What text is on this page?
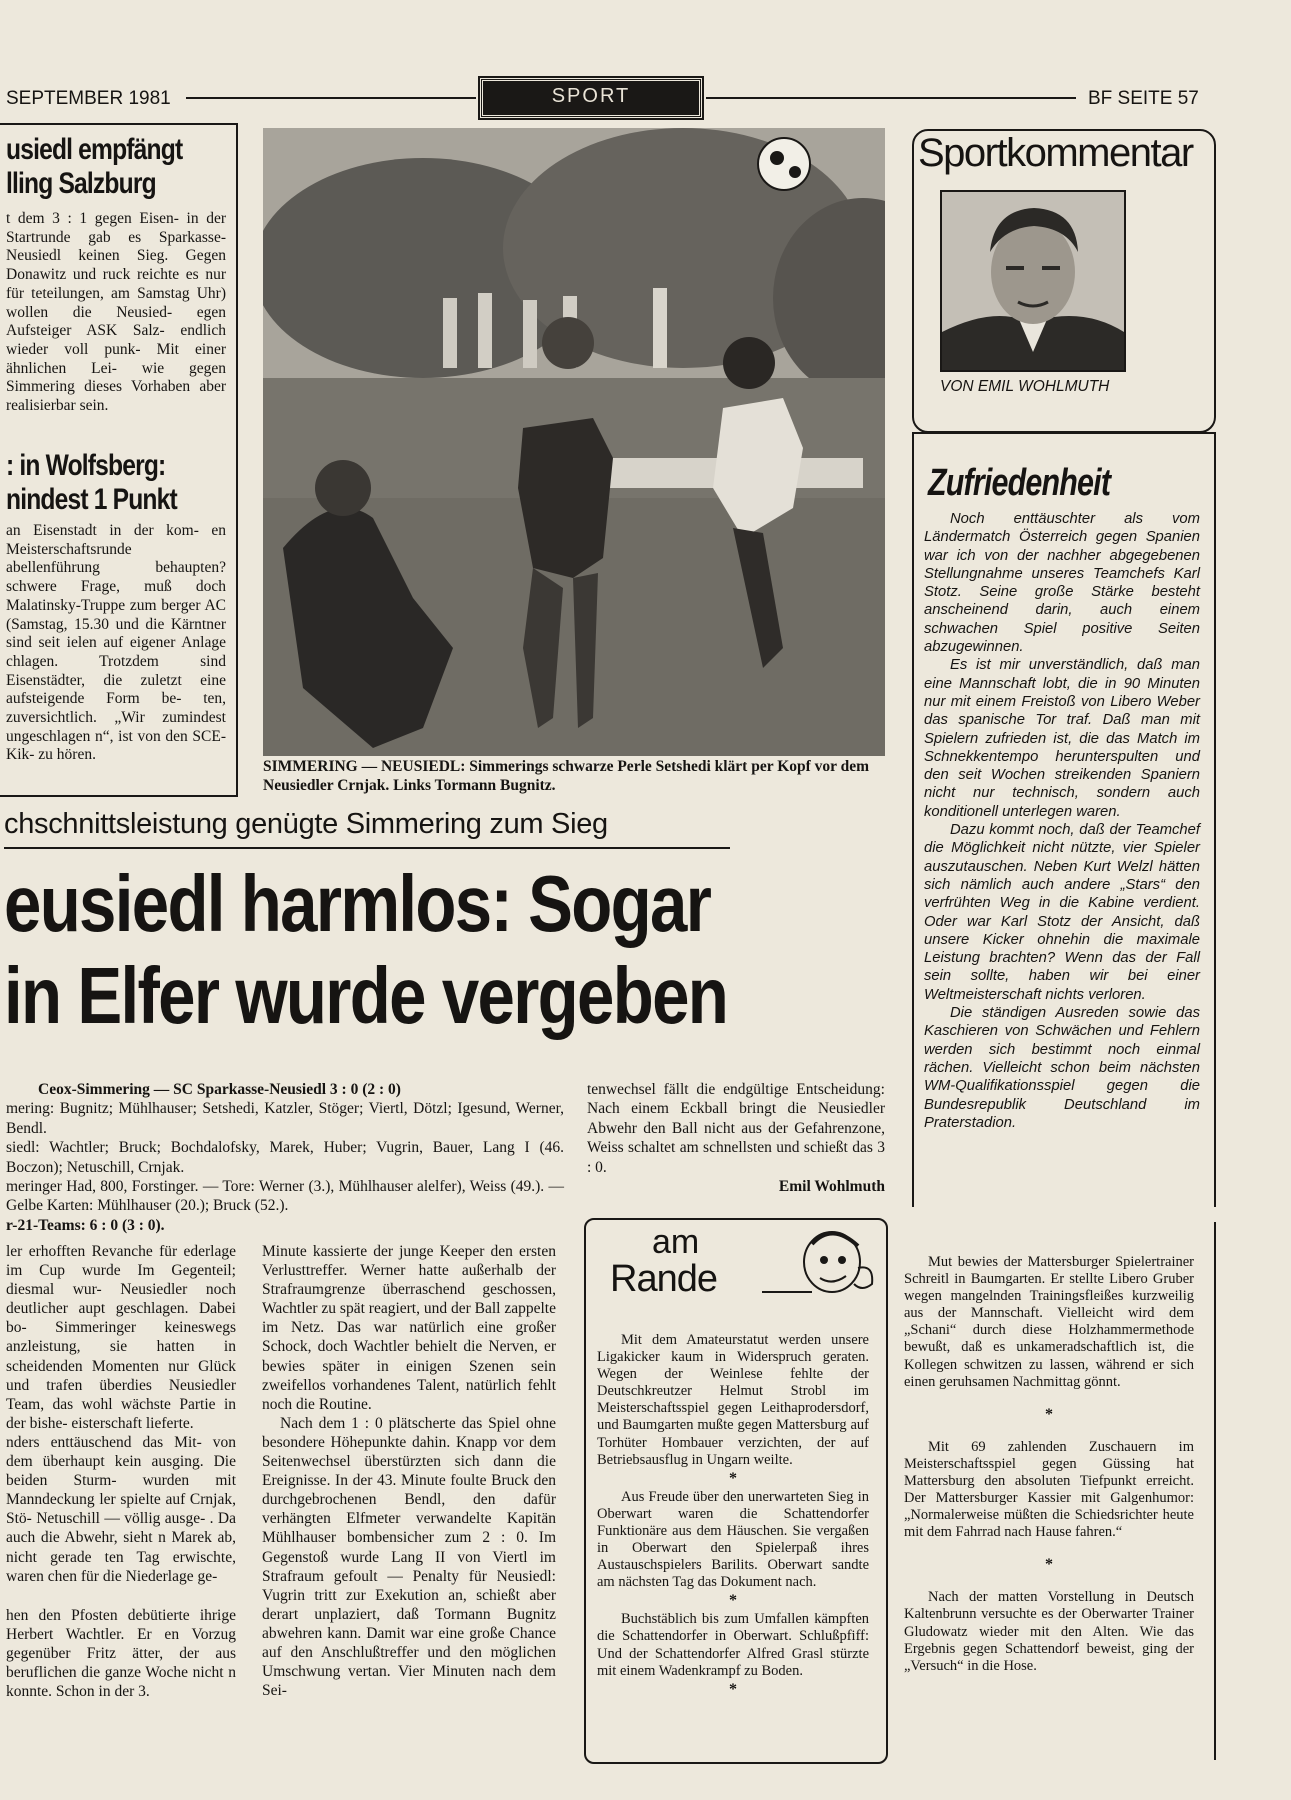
SEPTEMBER 1981	SPORT	BF SEITE 57
usiedl empfängt
lling Salzburg

t dem 3 : 1 gegen Eisen- in der Startrunde gab es Sparkasse-Neusiedl keinen Sieg. Gegen Donawitz und ruck reichte es nur für teteilungen, am Samstag Uhr) wollen die Neusied- egen Aufsteiger ASK Salz- endlich wieder voll punk- Mit einer ähnlichen Lei- wie gegen Simmering dieses Vorhaben aber realisierbar sein.

: in Wolfsberg:
nindest 1 Punkt

an Eisenstadt in der kom- en Meisterschaftsrunde abellenführung behaupten? schwere Frage, muß doch Malatinsky-Truppe zum berger AC (Samstag, 15.30 und die Kärntner sind seit ielen auf eigener Anlage chlagen. Trotzdem sind Eisenstädter, die zuletzt eine aufsteigende Form be- ten, zuversichtlich. „Wir zumindest ungeschlagen n“, ist von den SCE-Kik- zu hören.

SIMMERING — NEUSIEDL: Simmerings schwarze Perle Setshedi klärt per Kopf vor dem Neusiedler Crnjak. Links Tormann Bugnitz.
Sportkommentar
VON EMIL WOHLMUTH
Zufriedenheit

Noch enttäuschter als vom Ländermatch Österreich gegen Spanien war ich von der nachher abgegebenen Stellungnahme unseres Teamchefs Karl Stotz. Seine große Stärke besteht anscheinend darin, auch einem schwachen Spiel positive Seiten abzugewinnen.

Es ist mir unverständlich, daß man eine Mannschaft lobt, die in 90 Minuten nur mit einem Freistoß von Libero Weber das spanische Tor traf. Daß man mit Spielern zufrieden ist, die das Match im Schnekkentempo herunterspulten und den seit Wochen streikenden Spaniern nicht nur technisch, sondern auch konditionell unterlegen waren.

Dazu kommt noch, daß der Teamchef die Möglichkeit nicht nützte, vier Spieler auszutauschen. Neben Kurt Welzl hätten sich nämlich auch andere „Stars“ den verfrühten Weg in die Kabine verdient. Oder war Karl Stotz der Ansicht, daß unsere Kicker ohnehin die maximale Leistung brachten? Wenn das der Fall sein sollte, haben wir bei einer Weltmeisterschaft nichts verloren.

Die ständigen Ausreden sowie das Kaschieren von Schwächen und Fehlern werden sich bestimmt noch einmal rächen. Vielleicht schon beim nächsten WM-Qualifikationsspiel gegen die Bundesrepublik Deutschland im Praterstadion.

chschnittsleistung genügte Simmering zum Sieg
eusiedl harmlos: Sogar
in Elfer wurde vergeben

Ceox-Simmering — SC Sparkasse-Neusiedl 3 : 0 (2 : 0)

mering: Bugnitz; Mühlhauser; Setshedi, Katzler, Stöger; Viertl, Dötzl; Igesund, Werner, Bendl.

siedl: Wachtler; Bruck; Bochdalofsky, Marek, Huber; Vugrin, Bauer, Lang I (46. Boczon); Netuschill, Crnjak.

meringer Had, 800, Forstinger. — Tore: Werner (3.), Mühlhauser alelfer), Weiss (49.). — Gelbe Karten: Mühlhauser (20.); Bruck (52.).

r-21-Teams: 6 : 0 (3 : 0).

tenwechsel fällt die endgültige Entscheidung: Nach einem Eckball bringt die Neusiedler Abwehr den Ball nicht aus der Gefahrenzone, Weiss schaltet am schnellsten und schießt das 3 : 0.

Emil Wohlmuth

ler erhofften Revanche für ederlage im Cup wurde Im Gegenteil; diesmal wur- Neusiedler noch deutlicher aupt geschlagen. Dabei bo- Simmeringer keineswegs anzleistung, sie hatten in scheidenden Momenten nur Glück und trafen überdies Neusiedler Team, das wohl wächste Partie in der bishe- eisterschaft lieferte.

nders enttäuschend das Mit- von dem überhaupt kein ausging. Die beiden Sturm- wurden mit Manndeckung ler spielte auf Crnjak, Stö- Netuschill — völlig ausge- . Da auch die Abwehr, sieht n Marek ab, nicht gerade ten Tag erwischte, waren chen für die Niederlage ge-

hen den Pfosten debütierte ihrige Herbert Wachtler. Er en Vorzug gegenüber Fritz ätter, der aus beruflichen die ganze Woche nicht n konnte. Schon in der 3.

Minute kassierte der junge Keeper den ersten Verlusttreffer. Werner hatte außerhalb der Strafraumgrenze überraschend geschossen, Wachtler zu spät reagiert, und der Ball zappelte im Netz. Das war natürlich eine großer Schock, doch Wachtler behielt die Nerven, er bewies später in einigen Szenen sein zweifellos vorhandenes Talent, natürlich fehlt noch die Routine.

Nach dem 1 : 0 plätscherte das Spiel ohne besondere Höhepunkte dahin. Knapp vor dem Seitenwechsel überstürzten sich dann die Ereignisse. In der 43. Minute foulte Bruck den durchgebrochenen Bendl, den dafür verhängten Elfmeter verwandelte Kapitän Mühlhauser bombensicher zum 2 : 0. Im Gegenstoß wurde Lang II von Viertl im Strafraum gefoult — Penalty für Neusiedl: Vugrin tritt zur Exekution an, schießt aber derart unplaziert, daß Tormann Bugnitz abwehren kann. Damit war eine große Chance auf den Anschlußtreffer und den möglichen Umschwung vertan. Vier Minuten nach dem Sei-

am
Rande

Mit dem Amateurstatut werden unsere Ligakicker kaum in Widerspruch geraten. Wegen der Weinlese fehlte der Deutschkreutzer Helmut Strobl im Meisterschaftsspiel gegen Leithaprodersdorf, und Baumgarten mußte gegen Mattersburg auf Torhüter Hombauer verzichten, der auf Betriebsausflug in Ungarn weilte.

*

Aus Freude über den unerwarteten Sieg in Oberwart waren die Schattendorfer Funktionäre aus dem Häuschen. Sie vergaßen in Oberwart den Spielerpaß ihres Austauschspielers Barilits. Oberwart sandte am nächsten Tag das Dokument nach.

*

Buchstäblich bis zum Umfallen kämpften die Schattendorfer in Oberwart. Schlußpfiff: Und der Schattendorfer Alfred Grasl stürzte mit einem Wadenkrampf zu Boden.

*

Mut bewies der Mattersburger Spielertrainer Schreitl in Baumgarten. Er stellte Libero Gruber wegen mangelnden Trainingsfleißes kurzweilig aus der Mannschaft. Vielleicht wird dem „Schani“ durch diese Holzhammermethode bewußt, daß es unkameradschaftlich ist, die Kollegen schwitzen zu lassen, während er sich einen geruhsamen Nachmittag gönnt.

*

Mit 69 zahlenden Zuschauern im Meisterschaftsspiel gegen Güssing hat Mattersburg den absoluten Tiefpunkt erreicht. Der Mattersburger Kassier mit Galgenhumor: „Normalerweise müßten die Schiedsrichter heute mit dem Fahrrad nach Hause fahren.“

*

Nach der matten Vorstellung in Deutsch Kaltenbrunn versuchte es der Oberwarter Trainer Gludowatz wieder mit den Alten. Wie das Ergebnis gegen Schattendorf beweist, ging der „Versuch“ in die Hose.
